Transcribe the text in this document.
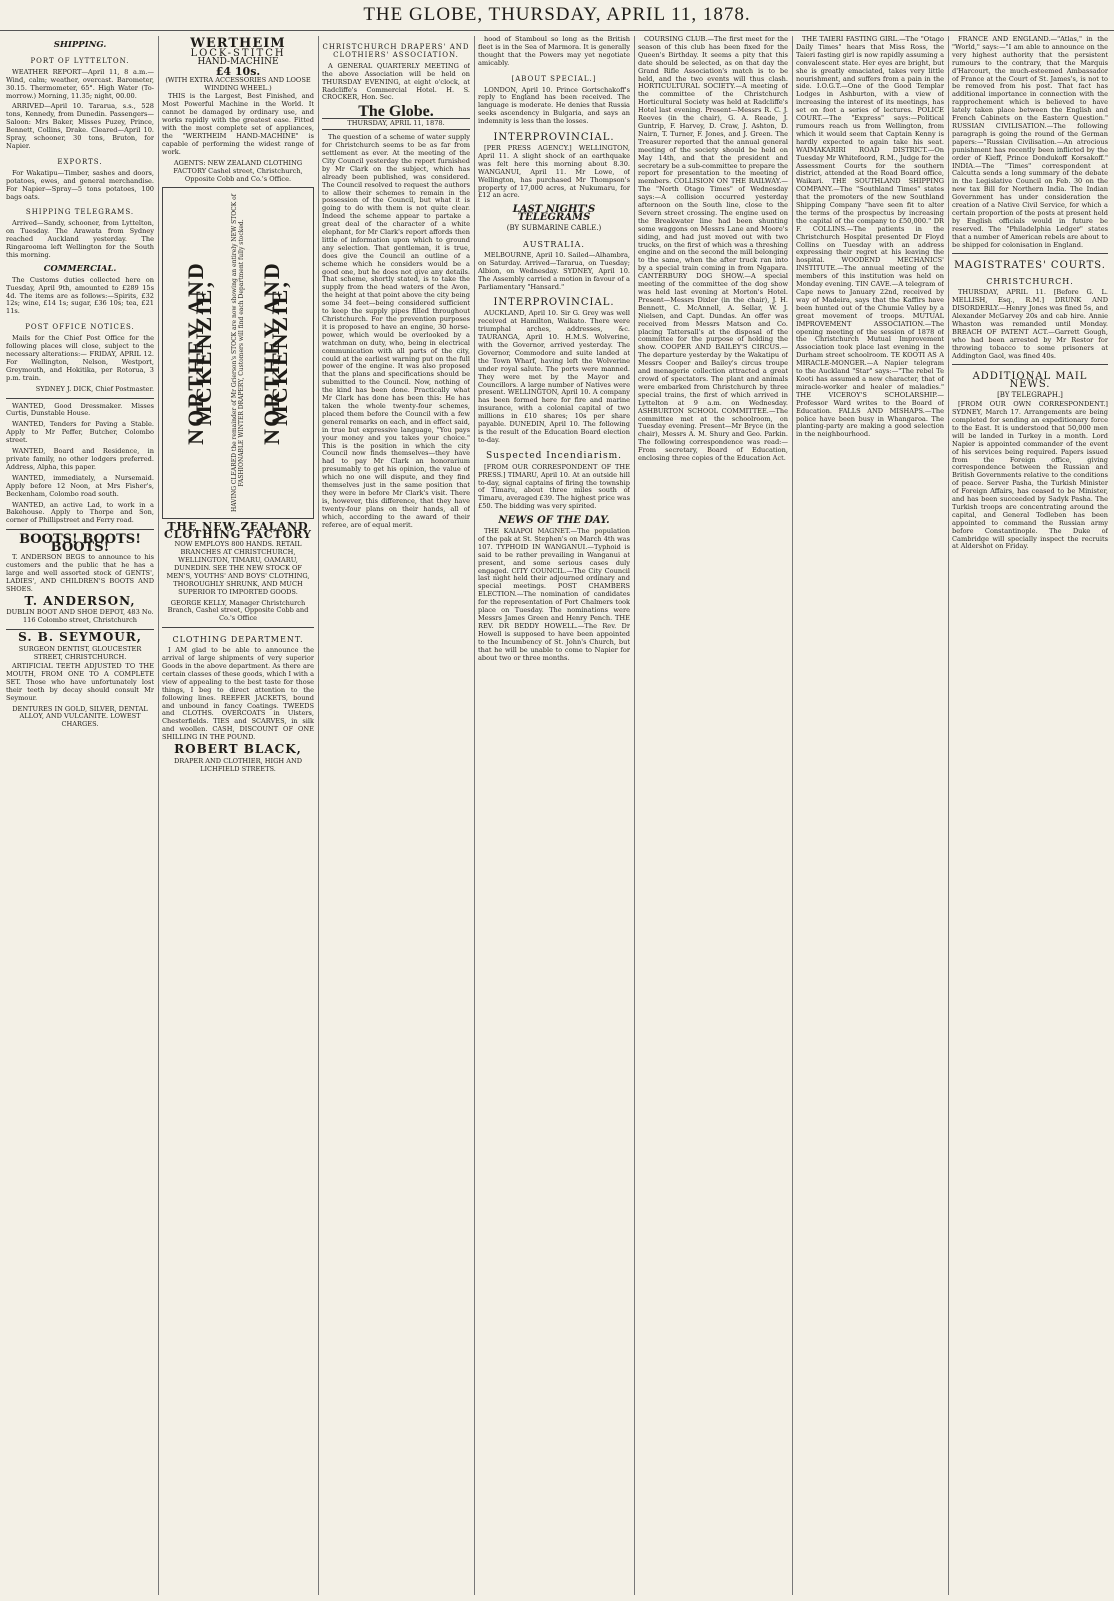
THE GLOBE, THURSDAY, APRIL 11, 1878.
SHIPPING.
PORT OF LYTTELTON.

WEATHER REPORT—April 11, 8 a.m.—Wind, calm; weather, overcast. Barometer, 30.15. Thermometer, 65°. High Water (To-morrow.) Morning, 11.35; night, 00.00.

ARRIVED—April 10. Tararua, s.s., 528 tons, Kennedy, from Dunedin. Passengers—Saloon: Mrs Baker, Misses Puzey, Prince, Bennett, Collins, Drake. Cleared—April 10. Spray, schooner, 30 tons, Bruton, for Napier.

EXPORTS.

For Wakatipu—Timber, sashes and doors, potatoes, ewes, and general merchandise. For Napier—Spray—5 tons potatoes, 100 bags oats.

SHIPPING TELEGRAMS.

Arrived—Sandy, schooner, from Lyttelton, on Tuesday. The Arawata from Sydney reached Auckland yesterday. The Ringarooma left Wellington for the South this morning.

COMMERCIAL.

The Customs duties collected here on Tuesday, April 9th, amounted to £289 15s 4d. The items are as follows:—Spirits, £32 12s; wine, £14 1s; sugar, £36 10s; tea, £21 11s.

POST OFFICE NOTICES.

Mails for the Chief Post Office for the following places will close, subject to the necessary alterations:— FRIDAY, APRIL 12. For Wellington, Nelson, Westport, Greymouth, and Hokitika, per Rotorua, 3 p.m. train.

SYDNEY J. DICK, Chief Postmaster.

WANTED, Good Dressmaker. Misses Curtis, Dunstable House.

WANTED, Tenders for Paving a Stable. Apply to Mr Peffer, Butcher, Colombo street.

WANTED, Board and Residence, in private family, no other lodgers preferred. Address, Alpha, this paper.

WANTED, immediately, a Nursemaid. Apply before 12 Noon, at Mrs Fisher's, Beckenham, Colombo road south.

WANTED, an active Lad, to work in a Bakehouse. Apply to Thorpe and Son, corner of Phillipstreet and Ferry road.

BOOTS! BOOTS! BOOTS!

T. ANDERSON BEGS to announce to his customers and the public that he has a large and well assorted stock of GENTS', LADIES', AND CHILDREN'S BOOTS AND SHOES.

T. ANDERSON,
DUBLIN BOOT AND SHOE DEPOT, 483 No. 116 Colombo street, Christchurch
S. B. SEYMOUR,
SURGEON DENTIST, GLOUCESTER STREET, CHRISTCHURCH.

ARTIFICIAL TEETH ADJUSTED TO THE MOUTH, FROM ONE TO A COMPLETE SET. Those who have unfortunately lost their teeth by decay should consult Mr Seymour.

DENTURES IN GOLD, SILVER, DENTAL ALLOY, AND VULCANITE. LOWEST CHARGES.
WERTHEIM
LOCK-STITCH
HAND-MACHINE
£4 10s.
(WITH EXTRA ACCESSORIES AND LOOSE WINDING WHEEL.)

THIS is the Largest, Best Finished, and Most Powerful Machine in the World. It cannot be damaged by ordinary use, and works rapidly with the greatest ease. Fitted with the most complete set of appliances, the "WERTHEIM HAND-MACHINE" is capable of performing the widest range of work.

AGENTS: NEW ZEALAND CLOTHING FACTORY Cashel street, Christchurch, Opposite Cobb and Co.'s Office.
NORTHEY AND MCKENZIE,	HAVING CLEARED the remainder of Mr Grierson's STOCK are now showing an entirely NEW STOCK of FASHIONABLE WINTER DRAPERY, Customers will find each Department fully stocked. NORTHEY AND MCKENZIE,
THE NEW ZEALAND CLOTHING FACTORY

NOW EMPLOYS 800 HANDS. RETAIL BRANCHES AT CHRISTCHURCH, WELLINGTON, TIMARU, OAMARU, DUNEDIN. SEE THE NEW STOCK OF MEN'S, YOUTHS' AND BOYS' CLOTHING, THOROUGHLY SHRUNK, AND MUCH SUPERIOR TO IMPORTED GOODS.

GEORGE KELLY, Manager Christchurch Branch, Cashel street, Opposite Cobb and Co.'s Office
CLOTHING DEPARTMENT.

I AM glad to be able to announce the arrival of large shipments of very superior Goods in the above department. As there are certain classes of these goods, which I with a view of appealing to the best taste for those things, I beg to direct attention to the following lines. REEFER JACKETS, bound and unbound in fancy Coatings. TWEEDS and CLOTHS. OVERCOATS in Ulsters, Chesterfields. TIES and SCARVES, in silk and woollen. CASH, DISCOUNT OF ONE SHILLING IN THE POUND.

ROBERT BLACK,
DRAPER AND CLOTHIER, HIGH AND LICHFIELD STREETS.
CHRISTCHURCH DRAPERS' AND CLOTHIERS' ASSOCIATION.

A GENERAL QUARTERLY MEETING of the above Association will be held on THURSDAY EVENING, at eight o'clock, at Radcliffe's Commercial Hotel. H. S. CROCKER, Hon. Sec.

The Globe.
THURSDAY, APRIL 11, 1878.

The question of a scheme of water supply for Christchurch seems to be as far from settlement as ever. At the meeting of the City Council yesterday the report furnished by Mr Clark on the subject, which has already been published, was considered. The Council resolved to request the authors to allow their schemes to remain in the possession of the Council, but what it is going to do with them is not quite clear. Indeed the scheme appear to partake a great deal of the character of a white elephant, for Mr Clark's report affords then little of information upon which to ground any selection. That gentleman, it is true, does give the Council an outline of a scheme which he considers would be a good one, but he does not give any details. That scheme, shortly stated, is to take the supply from the head waters of the Avon, the height at that point above the city being some 34 feet—being considered sufficient to keep the supply pipes filled throughout Christchurch. For the prevention purposes it is proposed to have an engine, 30 horse-power, which would be overlooked by a watchman on duty, who, being in electrical communication with all parts of the city, could at the earliest warning put on the full power of the engine. It was also proposed that the plans and specifications should be submitted to the Council. Now, nothing of the kind has been done. Practically what Mr Clark has done has been this: He has taken the whole twenty-four schemes, placed them before the Council with a few general remarks on each, and in effect said, in true but expressive language, "You pays your money and you takes your choice." This is the position in which the city Council now finds themselves—they have had to pay Mr Clark an honorarium presumably to get his opinion, the value of which no one will dispute, and they find themselves just in the same position that they were in before Mr Clark's visit. There is, however, this difference, that they have twenty-four plans on their hands, all of which, according to the award of their referee, are of equal merit.

hood of Stamboul so long as the British fleet is in the Sea of Marmora. It is generally thought that the Powers may yet negotiate amicably.

[ABOUT SPECIAL.]

LONDON, April 10. Prince Gortschakoff's reply to England has been received. The language is moderate. He denies that Russia seeks ascendency in Bulgaria, and says an indemnity is less than the losses.

INTERPROVINCIAL.

[PER PRESS AGENCY.] WELLINGTON, April 11. A slight shock of an earthquake was felt here this morning about 8.30. WANGANUI, April 11. Mr Lowe, of Wellington, has purchased Mr Thompson's property of 17,000 acres, at Nukumaru, for £12 an acre.

LAST NIGHT'S TELEGRAMS
(BY SUBMARINE CABLE.)
AUSTRALIA.

MELBOURNE, April 10. Sailed—Alhambra, on Saturday. Arrived—Tararua, on Tuesday; Albion, on Wednesday. SYDNEY, April 10. The Assembly carried a motion in favour of a Parliamentary "Hansard."

INTERPROVINCIAL.

AUCKLAND, April 10. Sir G. Grey was well received at Hamilton, Waikato. There were triumphal arches, addresses, &c. TAURANGA, April 10. H.M.S. Wolverine, with the Governor, arrived yesterday. The Governor, Commodore and suite landed at the Town Wharf, having left the Wolverine under royal salute. The ports were manned. They were met by the Mayor and Councillors. A large number of Natives were present. WELLINGTON, April 10. A company has been formed here for fire and marine insurance, with a colonial capital of two millions in £10 shares; 10s per share payable. DUNEDIN, April 10. The following is the result of the Education Board election to-day.

Suspected Incendiarism.

[FROM OUR CORRESPONDENT OF THE PRESS.] TIMARU, April 10. At an outside hill to-day, signal captains of firing the township of Timaru, about three miles south of Timaru, averaged £39. The highest price was £50. The bidding was very spirited.

NEWS OF THE DAY.

THE KAIAPOI MAGNET.—The population of the pak at St. Stephen's on March 4th was 107. TYPHOID IN WANGANUI.—Typhoid is said to be rather prevailing in Wanganui at present, and some serious cases duly engaged. CITY COUNCIL.—The City Council last night held their adjourned ordinary and special meetings. POST CHAMBERS ELECTION.—The nomination of candidates for the representation of Port Chalmers took place on Tuesday. The nominations were Messrs James Green and Henry Pench. THE REV. DR BEDDY HOWELL.—The Rev. Dr Howell is supposed to have been appointed to the Incumbency of St. John's Church, but that he will be unable to come to Napier for about two or three months.

COURSING CLUB.—The first meet for the season of this club has been fixed for the Queen's Birthday. It seems a pity that this date should be selected, as on that day the Grand Rifle Association's match is to be held, and the two events will thus clash. HORTICULTURAL SOCIETY.—A meeting of the committee of the Christchurch Horticultural Society was held at Radcliffe's Hotel last evening. Present—Messrs R. C. J. Reeves (in the chair), G. A. Reade, J. Guntrip, F. Harvey, D. Craw, J. Ashton, D. Nairn, T. Turner, F. Jones, and J. Green. The Treasurer reported that the annual general meeting of the society should be held on May 14th, and that the president and secretary be a sub-committee to prepare the report for presentation to the meeting of members. COLLISION ON THE RAILWAY.—The "North Otago Times" of Wednesday says:—A collision occurred yesterday afternoon on the South line, close to the Severn street crossing. The engine used on the Breakwater line had been shunting some waggons on Messrs Lane and Moore's siding, and had just moved out with two trucks, on the first of which was a threshing engine and on the second the mill belonging to the same, when the after truck ran into by a special train coming in from Ngapara. CANTERBURY DOG SHOW.—A special meeting of the committee of the dog show was held last evening at Morton's Hotel. Present—Messrs Dixler (in the chair), J. H. Bennett, C. McAnnell, A. Sellar, W. J. Nielsen, and Capt. Dundas. An offer was received from Messrs Matson and Co. placing Tattersall's at the disposal of the committee for the purpose of holding the show. COOPER AND BAILEY'S CIRCUS.—The departure yesterday by the Wakatipu of Messrs Cooper and Bailey's circus troupe and menagerie collection attracted a great crowd of spectators. The plant and animals were embarked from Christchurch by three special trains, the first of which arrived in Lyttelton at 9 a.m. on Wednesday. ASHBURTON SCHOOL COMMITTEE.—The committee met at the schoolroom, on Tuesday evening. Present—Mr Bryce (in the chair), Messrs A. M. Shury and Geo. Parkin. The following correspondence was read:—From secretary, Board of Education, enclosing three copies of the Education Act.

THE TAIERI FASTING GIRL.—The "Otago Daily Times" hears that Miss Ross, the Taieri fasting girl is now rapidly assuming a convalescent state. Her eyes are bright, but she is greatly emaciated, takes very little nourishment, and suffers from a pain in the side. I.O.G.T.—One of the Good Templar Lodges in Ashburton, with a view of increasing the interest of its meetings, has set on foot a series of lectures. POLICE COURT.—The "Express" says:—Political rumours reach us from Wellington, from which it would seem that Captain Kenny is hardly expected to again take his seat. WAIMAKARIRI ROAD DISTRICT.—On Tuesday Mr Whitefoord, R.M., Judge for the Assessment Courts for the southern district, attended at the Road Board office, Waikari. THE SOUTHLAND SHIPPING COMPANY.—The "Southland Times" states that the promoters of the new Southland Shipping Company "have seen fit to alter the terms of the prospectus by increasing the capital of the company to £50,000." DR F. COLLINS.—The patients in the Christchurch Hospital presented Dr Floyd Collins on Tuesday with an address expressing their regret at his leaving the hospital. WOODEND MECHANICS' INSTITUTE.—The annual meeting of the members of this institution was held on Monday evening. TIN CAVE.—A telegram of Cape news to January 22nd, received by way of Madeira, says that the Kaffirs have been hunted out of the Chumie Valley by a great movement of troops. MUTUAL IMPROVEMENT ASSOCIATION.—The opening meeting of the session of 1878 of the Christchurch Mutual Improvement Association took place last evening in the Durham street schoolroom. TE KOOTI AS A MIRACLE-MONGER.—A Napier telegram to the Auckland "Star" says:—"The rebel Te Kooti has assumed a new character, that of miracle-worker and healer of maladies." THE VICEROY'S SCHOLARSHIP.—Professor Ward writes to the Board of Education. FALLS AND MISHAPS.—The police have been busy in Whangaroa. The planting-party are making a good selection in the neighbourhood.

FRANCE AND ENGLAND.—"Atlas," in the "World," says:—"I am able to announce on the very highest authority that the persistent rumours to the contrary, that the Marquis d'Harcourt, the much-esteemed Ambassador of France at the Court of St. James's, is not to be removed from his post. That fact has additional importance in connection with the rapprochement which is believed to have lately taken place between the English and French Cabinets on the Eastern Question." RUSSIAN CIVILISATION.—The following paragraph is going the round of the German papers:—"Russian Civilisation.—An atrocious punishment has recently been inflicted by the order of Kieff, Prince Dondukoff Korsakoff." INDIA.—The "Times" correspondent at Calcutta sends a long summary of the debate in the Legislative Council on Feb. 30 on the new tax Bill for Northern India. The Indian Government has under consideration the creation of a Native Civil Service, for which a certain proportion of the posts at present held by English officials would in future be reserved. The "Philadelphia Ledger" states that a number of American rebels are about to be shipped for colonisation in England.

MAGISTRATES' COURTS.
CHRISTCHURCH.

THURSDAY, APRIL 11. [Before G. L. MELLISH, Esq., R.M.] DRUNK AND DISORDERLY.—Henry Jones was fined 5s, and Alexander McGarvey 20s and cab hire. Annie Whaston was remanded until Monday. BREACH OF PATENT ACT.—Garrett Gough, who had been arrested by Mr Restor for throwing tobacco to some prisoners at Addington Gaol, was fined 40s.

ADDITIONAL MAIL NEWS.
[BY TELEGRAPH.]

[FROM OUR OWN CORRESPONDENT.] SYDNEY, March 17. Arrangements are being completed for sending an expeditionary force to the East. It is understood that 50,000 men will be landed in Turkey in a month. Lord Napier is appointed commander of the event of his services being required. Papers issued from the Foreign office, giving correspondence between the Russian and British Governments relative to the conditions of peace. Server Pasha, the Turkish Minister of Foreign Affairs, has ceased to be Minister, and has been succeeded by Sadyk Pasha. The Turkish troops are concentrating around the capital, and General Todleben has been appointed to command the Russian army before Constantinople. The Duke of Cambridge will specially inspect the recruits at Aldershot on Friday.
